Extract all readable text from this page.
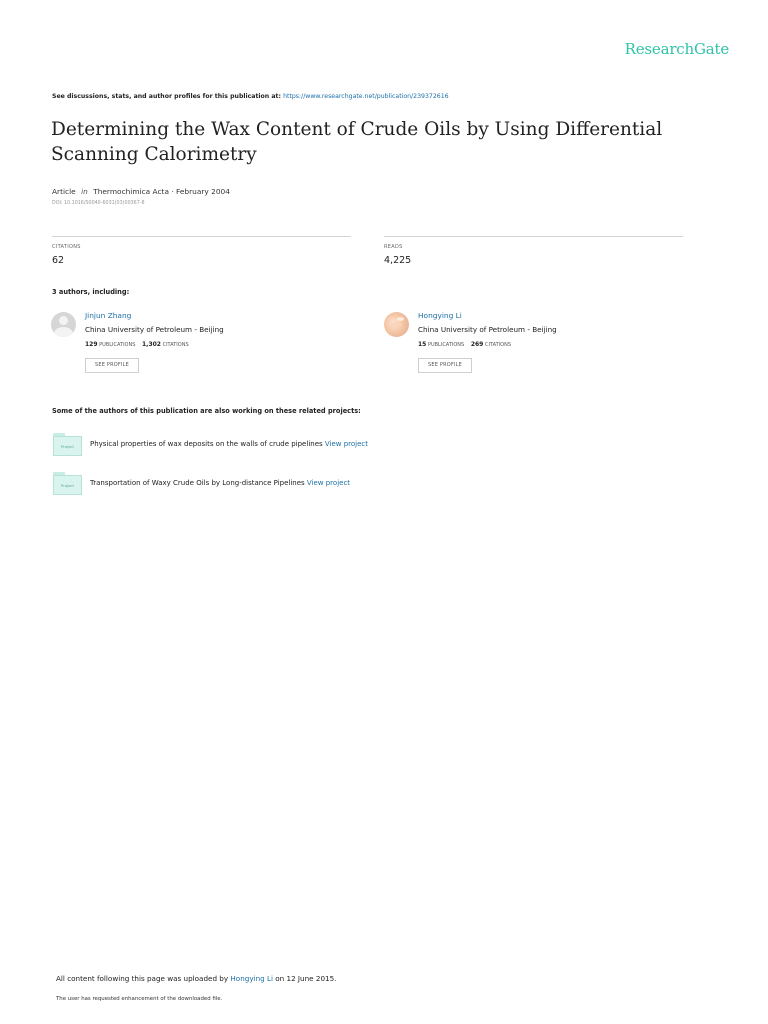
ResearchGate
See discussions, stats, and author profiles for this publication at: https://www.researchgate.net/publication/239372616
Determining the Wax Content of Crude Oils by Using Differential Scanning Calorimetry
Article in Thermochimica Acta · February 2004
DOI: 10.1016/S0040-6031(03)00367-8
CITATIONS
62
READS
4,225
3 authors, including:
Jinjun Zhang
China University of Petroleum - Beijing
129 PUBLICATIONS 1,302 CITATIONS
SEE PROFILE
Hongying Li
China University of Petroleum - Beijing
15 PUBLICATIONS 269 CITATIONS
SEE PROFILE
Some of the authors of this publication are also working on these related projects:
Project	Physical properties of wax deposits on the walls of crude pipelines View project
Project	Transportation of Waxy Crude Oils by Long-distance Pipelines View project
All content following this page was uploaded by Hongying Li on 12 June 2015.
The user has requested enhancement of the downloaded file.
